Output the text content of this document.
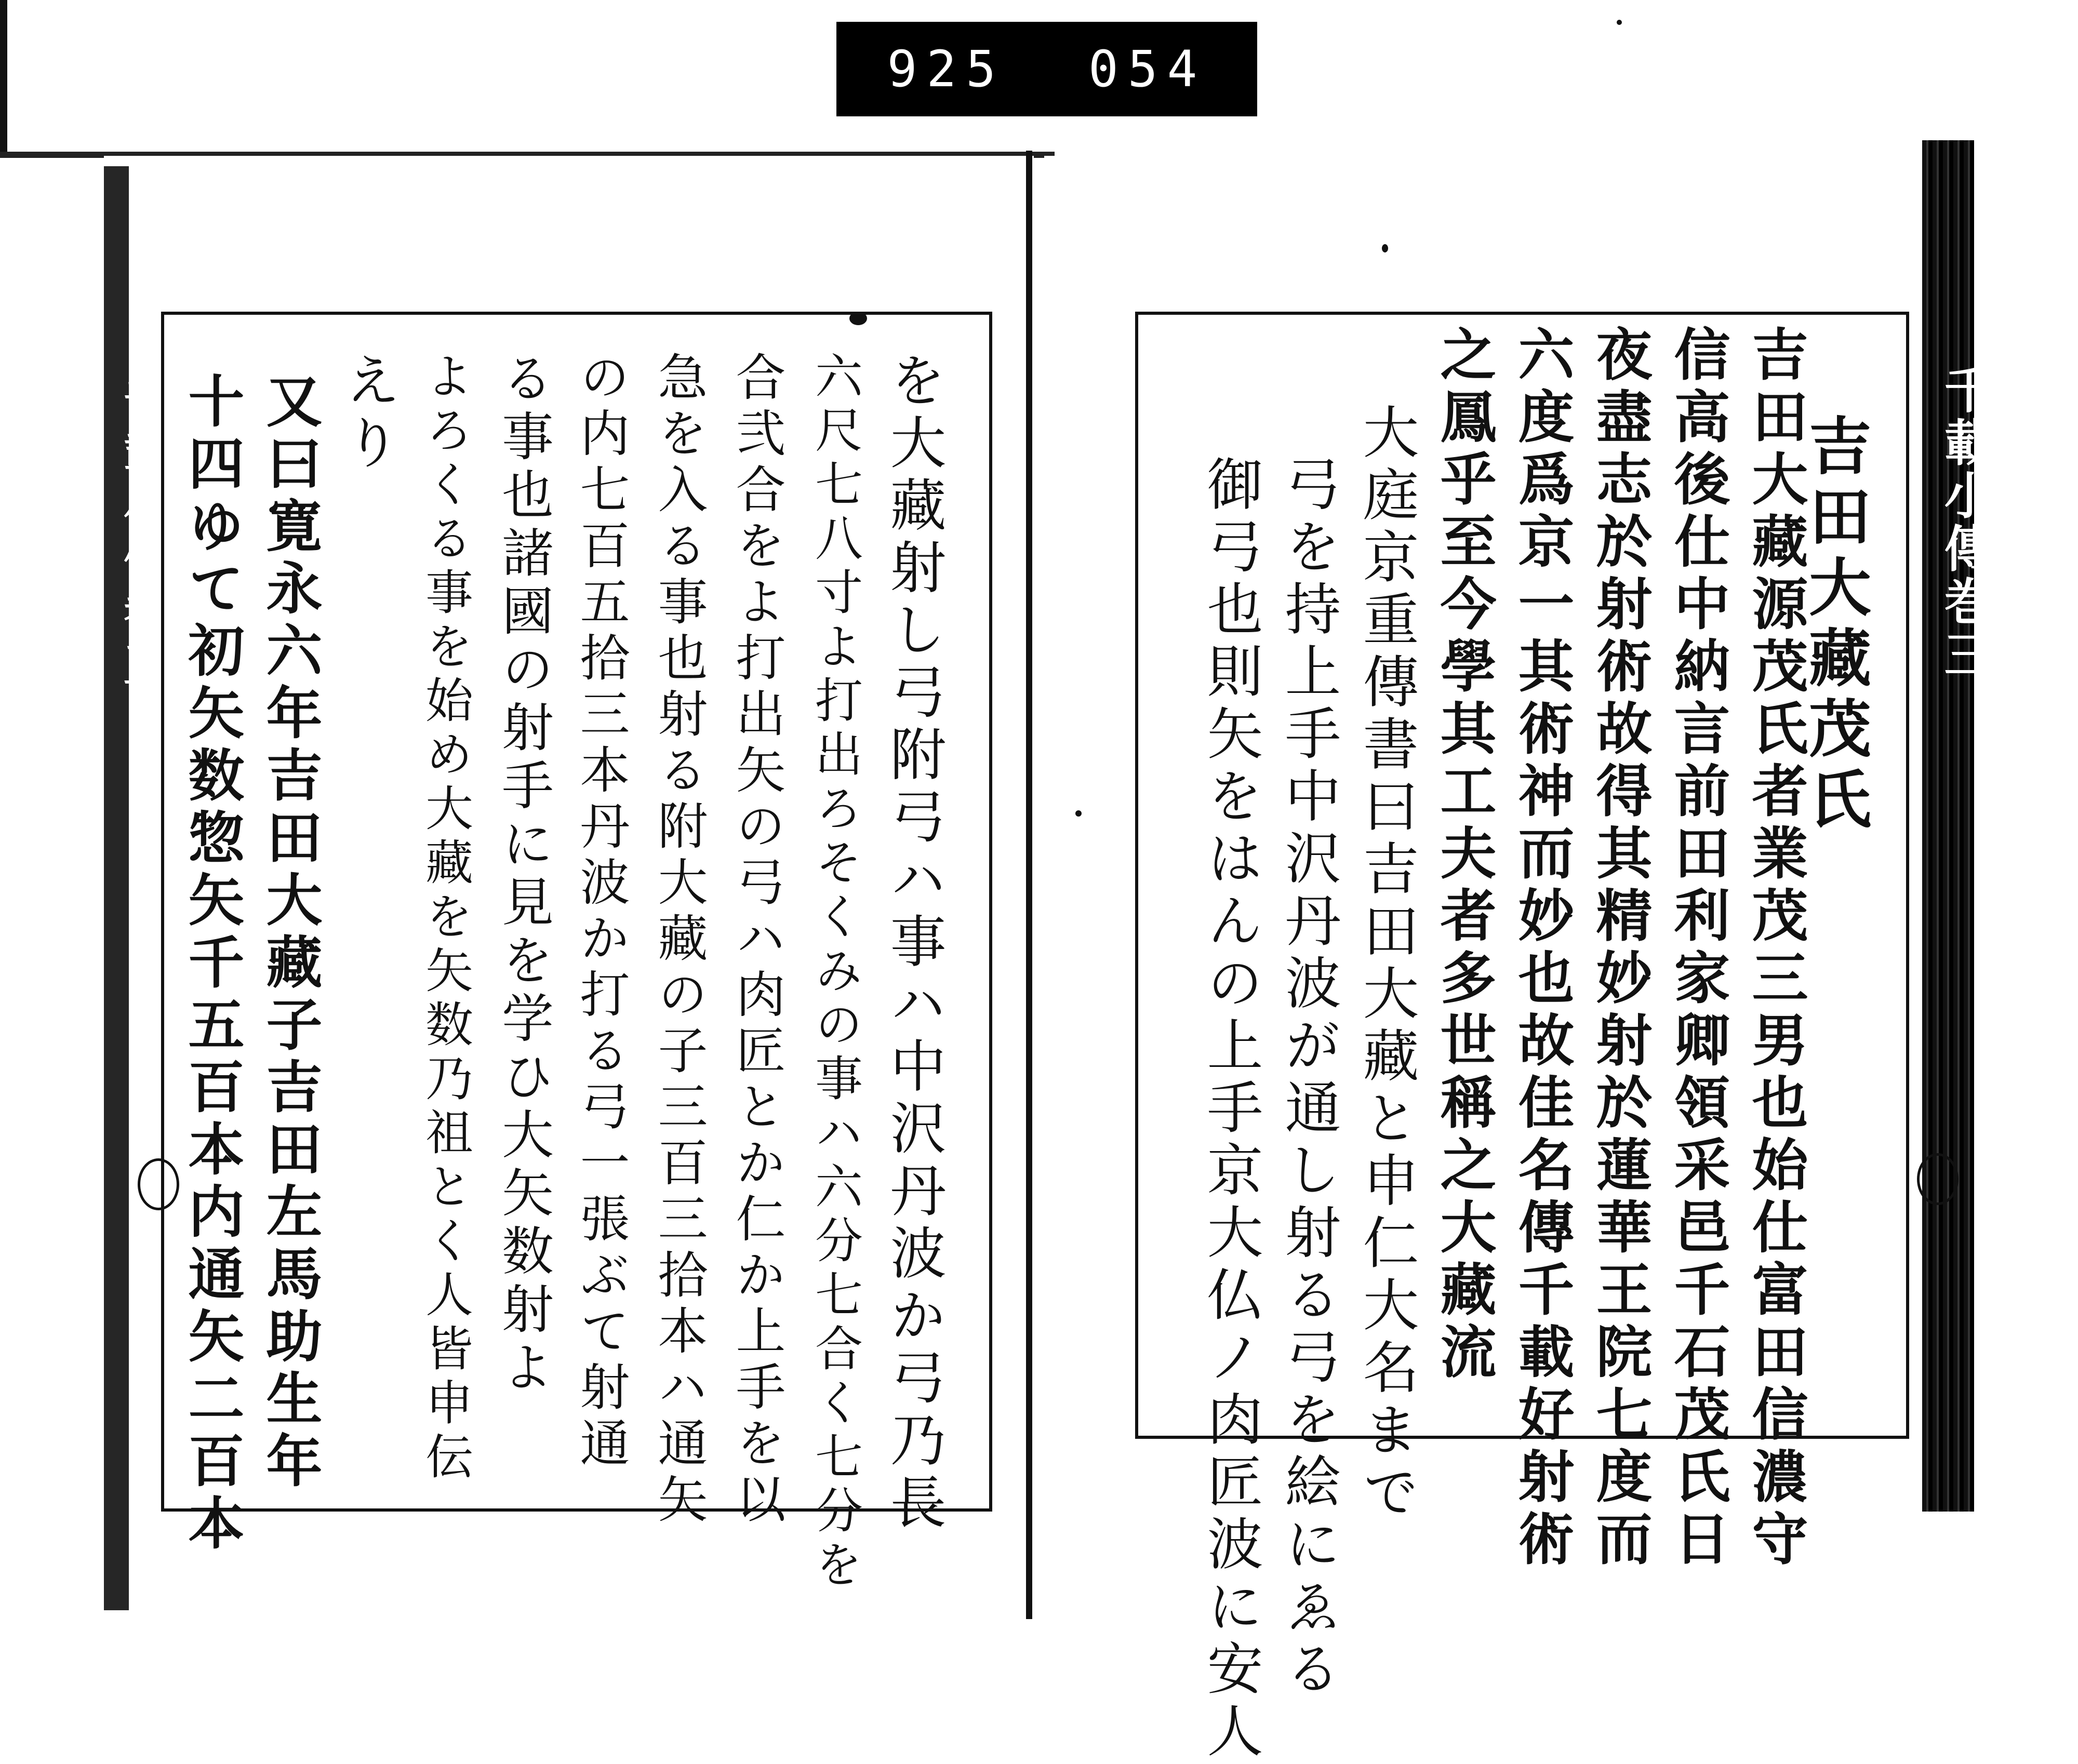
925 054
千載小傳巻三	千載小傳巻三
吉田大藏茂氏
吉田大藏源茂氏者業茂三男也始仕富田信濃守
信高後仕中納言前田利家卿領采邑千石茂氏日
夜盡志於射術故得其精妙射於蓮華王院七度而
六度爲京一其術神而妙也故佳名傳千載好射術
之鳳乎至今學其工夫者多世稱之大藏流
大庭京重傳書曰吉田大藏と申仁大名まで
弓を持上手中沢丹波が通し射る弓を絵にゑる
御弓也則矢をはんの上手京大仏ノ肉匠波に安人
を大藏射し弓附弓ハ事ハ中沢丹波か弓乃長
六尺七八寸よ打出ろそくみの事ハ六分七合く七分を
合弐合をよ打出矢の弓ハ肉匠とか仁か上手を以
急を入る事也射る附大藏の子三百三拾本ハ通矢
の内七百五拾三本丹波か打る弓一張ぶて射通
る事也諸國の射手に見を学ひ大矢数射よ
よろくる事を始め大藏を矢数乃祖とく人皆申伝
えり
又曰寛永六年吉田大藏子吉田左馬助生年
十四ゆて初矢数惣矢千五百本内通矢二百本
